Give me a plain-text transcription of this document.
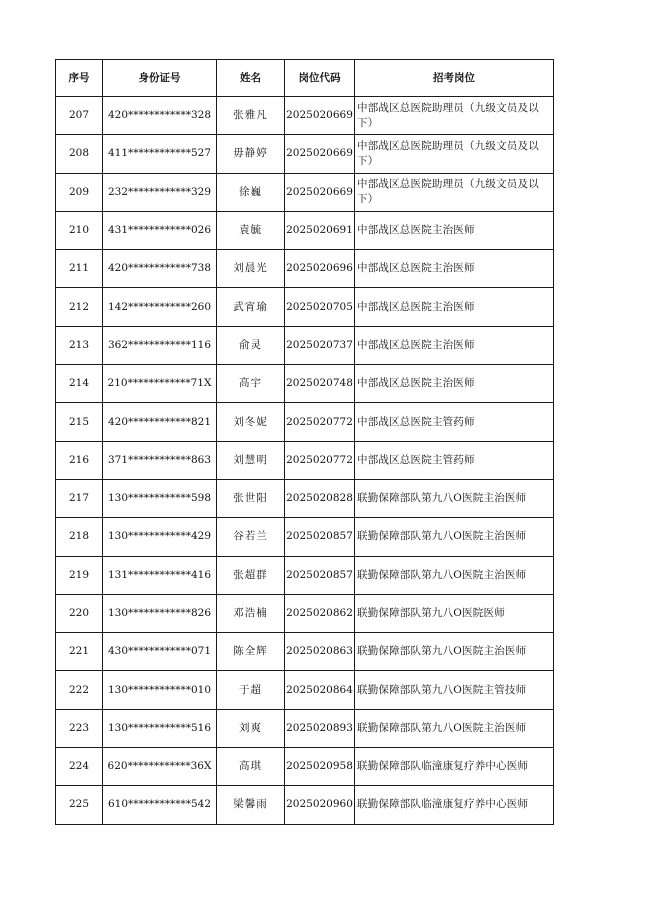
序号	身份证号	姓名	岗位代码	招考岗位
207	420************328	张雅凡	2025020669	中部战区总医院助理员（九级文员及以下）
208	411************527	毋静婷	2025020669	中部战区总医院助理员（九级文员及以下）
209	232************329	徐巍	2025020669	中部战区总医院助理员（九级文员及以下）
210	431************026	袁毓	2025020691	中部战区总医院主治医师
211	420************738	刘晨光	2025020696	中部战区总医院主治医师
212	142************260	武宵瑜	2025020705	中部战区总医院主治医师
213	362************116	俞灵	2025020737	中部战区总医院主治医师
214	210************71X	高宇	2025020748	中部战区总医院主治医师
215	420************821	刘冬妮	2025020772	中部战区总医院主管药师
216	371************863	刘慧明	2025020772	中部战区总医院主管药师
217	130************598	张世阳	2025020828	联勤保障部队第九八O医院主治医师
218	130************429	谷若兰	2025020857	联勤保障部队第九八O医院主治医师
219	131************416	张超群	2025020857	联勤保障部队第九八O医院主治医师
220	130************826	邓浩楠	2025020862	联勤保障部队第九八O医院医师
221	430************071	陈全辉	2025020863	联勤保障部队第九八O医院主治医师
222	130************010	于超	2025020864	联勤保障部队第九八O医院主管技师
223	130************516	刘爽	2025020893	联勤保障部队第九八O医院主治医师
224	620************36X	高琪	2025020958	联勤保障部队临潼康复疗养中心医师
225	610************542	梁馨雨	2025020960	联勤保障部队临潼康复疗养中心医师
